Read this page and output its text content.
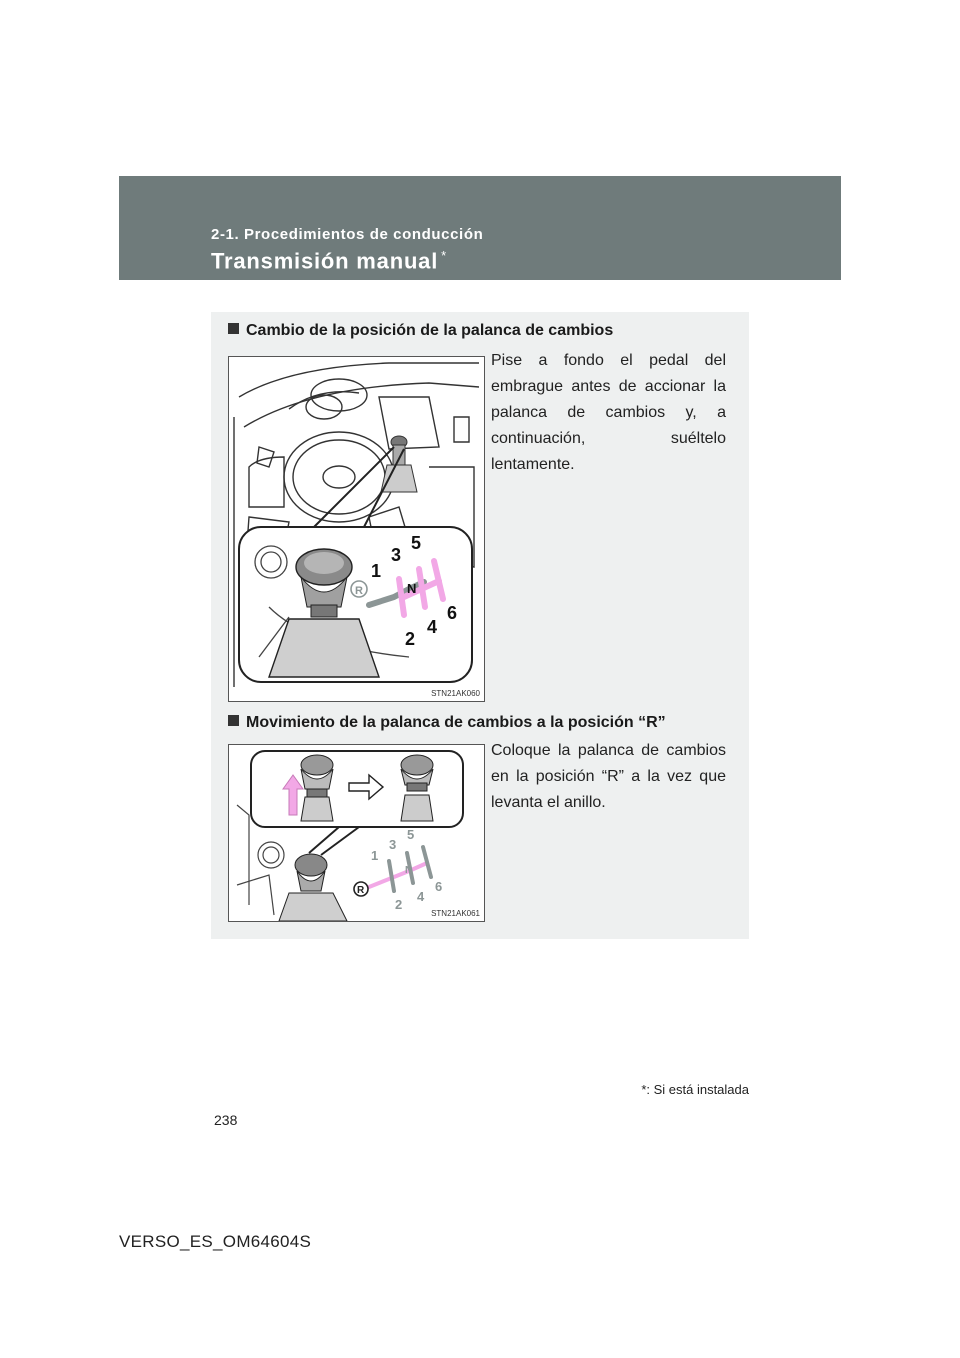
2-1. Procedimientos de conducción
Transmisión manual *
Cambio de la posición de la palanca de cambios
1
3
5
N
2
4
6
R
STN21AK060
Pise a fondo el pedal del embrague antes de accionar la palanca de cambios y, a continuación, suéltelo lentamente.
Movimiento de la palanca de cambios a la posición “R”
1
3
5
N
2
4
6
R
STN21AK061
Coloque la palanca de cambios en la posición “R” a la vez que levanta el anillo.
*: Si está instalada
238
VERSO_ES_OM64604S
